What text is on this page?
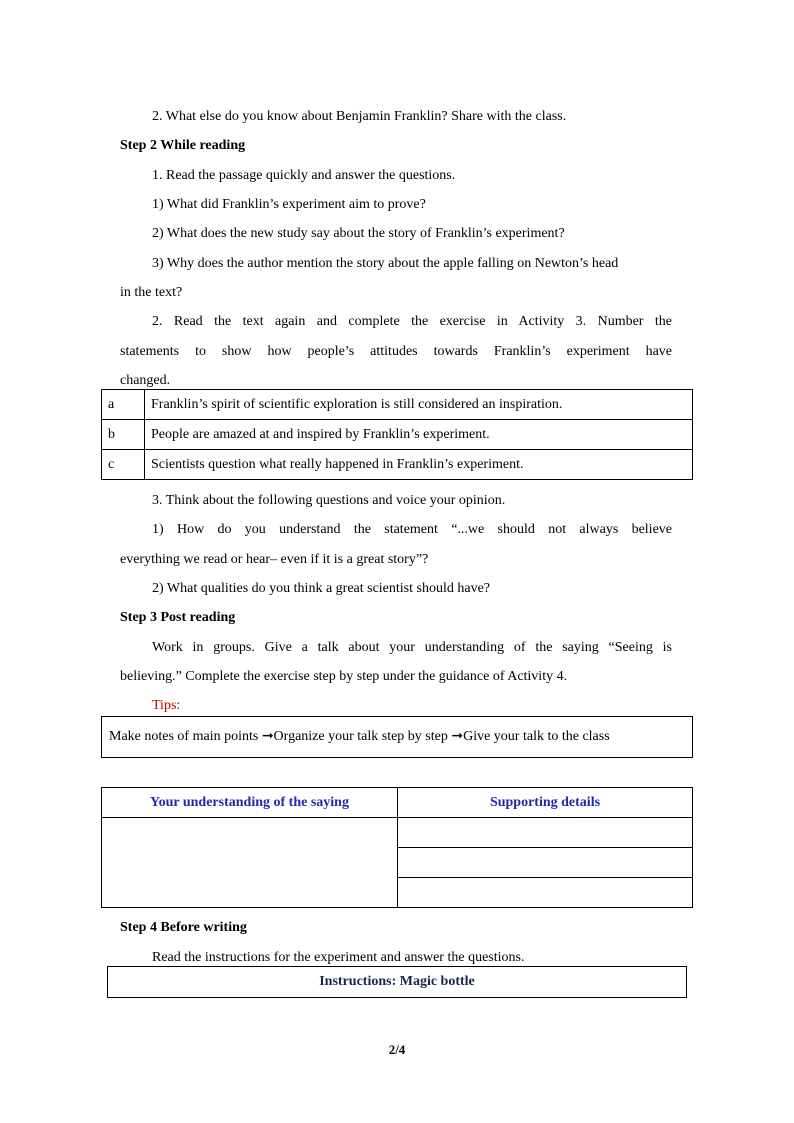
2. What else do you know about Benjamin Franklin? Share with the class.
Step 2 While reading
1. Read the passage quickly and answer the questions.
1) What did Franklin’s experiment aim to prove?
2) What does the new study say about the story of Franklin’s experiment?
3) Why does the author mention the story about the apple falling on Newton’s head
in the text?
2. Read the text again and complete the exercise in Activity 3. Number the
statements to show how people’s attitudes towards Franklin’s experiment have
changed.
a	Franklin’s spirit of scientific exploration is still considered an inspiration.
b	People are amazed at and inspired by Franklin’s experiment.
c	Scientists question what really happened in Franklin’s experiment.
3. Think about the following questions and voice your opinion.
1) How do you understand the statement “...we should not always believe
everything we read or hear– even if it is a great story”?
2) What qualities do you think a great scientist should have?
Step 3 Post reading
Work in groups. Give a talk about your understanding of the saying “Seeing is
believing.” Complete the exercise step by step under the guidance of Activity 4.
Tips:
Make notes of main points ➞Organize your talk step by step ➞Give your talk to the class
Your understanding of the saying	Supporting details

Step 4 Before writing
Read the instructions for the experiment and answer the questions.
Instructions: Magic bottle
2/4
